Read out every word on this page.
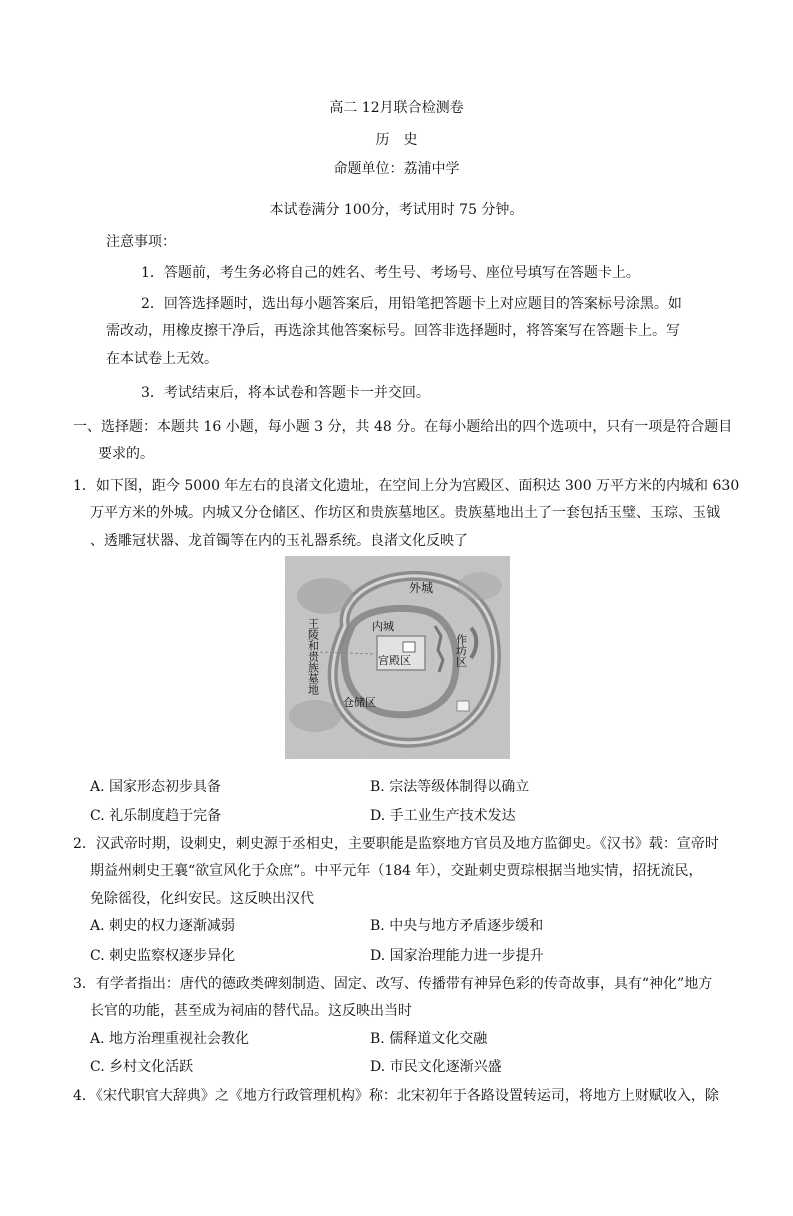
高二 12月联合检测卷
历　史
命题单位：荔浦中学
本试卷满分 100分，考试用时 75 分钟。
注意事项：
1．答题前，考生务必将自己的姓名、考生号、考场号、座位号填写在答题卡上。
2．回答选择题时，选出每小题答案后，用铅笔把答题卡上对应题目的答案标号涂黑。如
需改动，用橡皮擦干净后，再选涂其他答案标号。回答非选择题时，将答案写在答题卡上。写
在本试卷上无效。
3．考试结束后，将本试卷和答题卡一并交回。
一、选择题：本题共 16 小题，每小题 3 分，共 48 分。在每小题给出的四个选项中，只有一项是符合题目
要求的。
1．如下图，距今 5000 年左右的良渚文化遗址，在空间上分为宫殿区、面积达 300 万平方米的内城和 630
万平方米的外城。内城又分仓储区、作坊区和贵族墓地区。贵族墓地出土了一套包括玉璧、玉琮、玉钺
、透雕冠状器、龙首镯等在内的玉礼器系统。良渚文化反映了
外城
内城
宫殿区
仓储区
作坊区
王陵和贵族墓地
A. 国家形态初步具备	B. 宗法等级体制得以确立
C. 礼乐制度趋于完备	D. 手工业生产技术发达
2．汉武帝时期，设刺史，刺史源于丞相史，主要职能是监察地方官员及地方监御史。《汉书》载：宣帝时
期益州刺史王襄“欲宣风化于众庶”。中平元年（184 年），交趾刺史贾琮根据当地实情，招抚流民，
免除徭役，化纠安民。这反映出汉代
A. 刺史的权力逐渐减弱	B. 中央与地方矛盾逐步缓和
C. 刺史监察权逐步异化	D. 国家治理能力进一步提升
3．有学者指出：唐代的德政类碑刻制造、固定、改写、传播带有神异色彩的传奇故事，具有“神化”地方
长官的功能，甚至成为祠庙的替代品。这反映出当时
A. 地方治理重视社会教化	B. 儒释道文化交融
C. 乡村文化活跃	D. 市民文化逐渐兴盛
4．《宋代职官大辞典》之《地方行政管理机构》称：北宋初年于各路设置转运司，将地方上财赋收入，除
